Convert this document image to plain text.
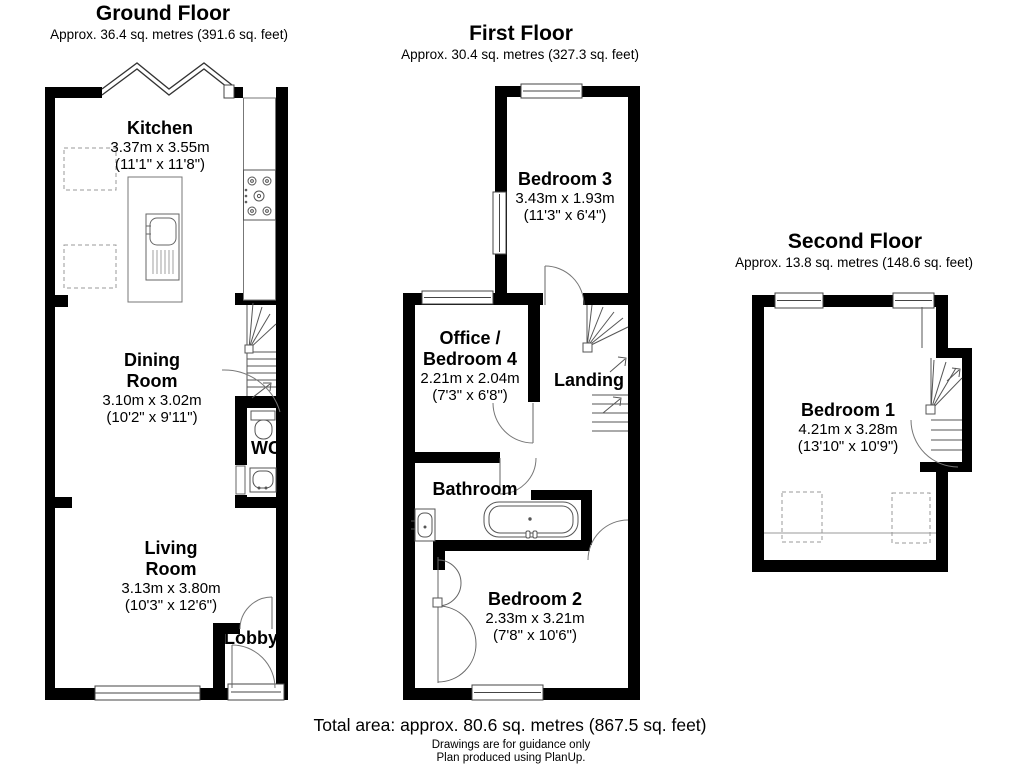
Ground Floor
Approx. 36.4 sq. metres (391.6 sq. feet)
Kitchen
3.37m x 3.55m
(11'1" x 11'8")
Dining Room
3.10m x 3.02m
(10'2" x 9'11")
WC
Living Room
3.13m x 3.80m
(10'3" x 12'6")
Lobby
First Floor
Approx. 30.4 sq. metres (327.3 sq. feet)
Bedroom 3
3.43m x 1.93m
(11'3" x 6'4")
Office / Bedroom 4
2.21m x 2.04m
(7'3" x 6'8")
Landing
Bathroom
Bedroom 2
2.33m x 3.21m
(7'8" x 10'6")
Second Floor
Approx. 13.8 sq. metres (148.6 sq. feet)
Bedroom 1
4.21m x 3.28m
(13'10" x 10'9")
Total area: approx. 80.6 sq. metres (867.5 sq. feet)
Drawings are for guidance only
Plan produced using PlanUp.
